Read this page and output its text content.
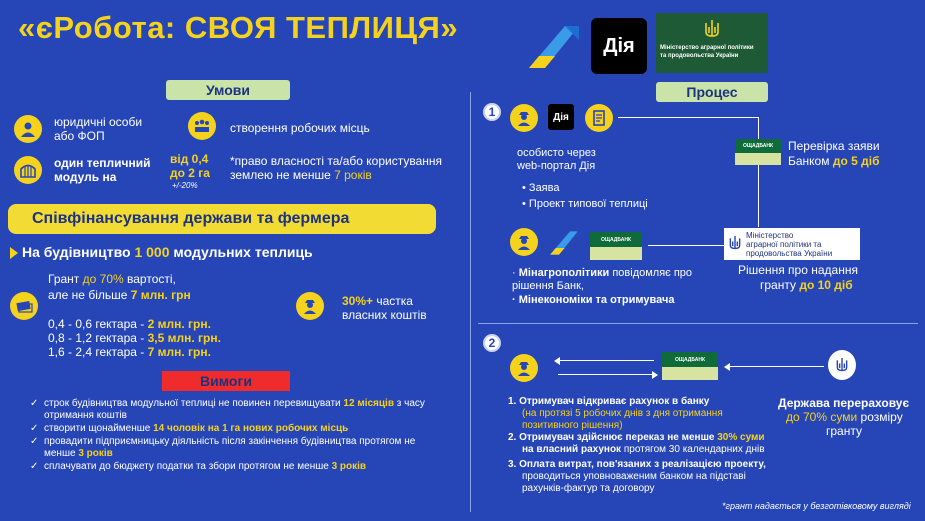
«єРобота: СВОЯ ТЕПЛИЦЯ»
Дія	Міністерство аграрної політики
та продовольства України
Умови
юридичні особи або ФОП
створення робочих місць
один тепличний модуль на
від 0,4
до 2 га
+/-20%
*право власності та/або користування землею не менше 7 років
Співфінансування держави та фермера
На будівництво 1 000 модульних теплиць
Грант до 70% вартості,
але не більше 7 млн. грн
0,4 - 0,6 гектара - 2 млн. грн.
0,8 - 1,2 гектара - 3,5 млн. грн.
1,6 - 2,4 гектара - 7 млн. грн.
30%+ частка
власних коштів
Вимоги
✓ строк будівництва модульної теплиці не повинен перевищувати 12 місяців з часу отримання коштів
✓ створити щонайменше 14 чоловік на 1 га нових робочих місць
✓ провадити підприємницьку діяльність після закінчення будівництва протягом не менше 3 років
✓ сплачувати до бюджету податки та збори протягом не менше 3 років
Процес
1	Дія
особисто через
web-портал Дія
• Заява
• Проект типової теплиці
ОЩАДБАНК	Перевірка заяви
Банком до 5 діб
Міністерство
аграрної політики та
продовольства України
Рішення про надання
гранту до 10 діб
ОЩАДБАНК
· Мінагрополітики повідомляє про рішення Банк,
· Мінекономіки та отримувача
2
ОЩАДБАНК
Держава перераховує
до 70% суми розміру
гранту
1. Отримувач відкриває рахунок в банку
(на протязі 5 робочих днів з дня отримання позитивного рішення)
2. Отримувач здійснює переказ не менше 30% суми
на власний рахунок протягом 30 календарних днів
3. Оплата витрат, пов'язаних з реалізацією проекту,
проводиться уповноваженим банком на підставі рахунків-фактур та договору
*грант надається у безготівковому вигляді
